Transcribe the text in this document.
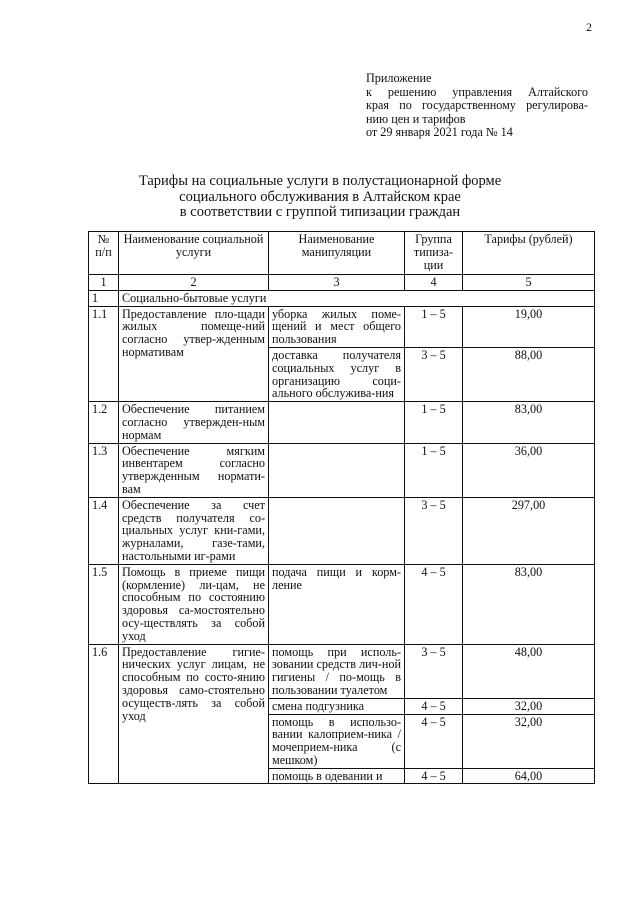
2
Приложение
к решению управления Алтайского
края по государственному регулирова-
нию цен и тарифов
от 29 января 2021 года № 14
Тарифы на социальные услуги в полустационарной форме
социального обслуживания в Алтайском крае
в соответствии с группой типизации граждан
№ п/п	Наименование социальной услуги	Наименование манипуляции	Группа типиза-ции	Тарифы (рублей)
1	2	3	4	5
1	Социально-бытовые услуги			
1.1	Предоставление пло-щади жилых помеще-ний согласно утвер-жденным нормативам	уборка жилых поме-щений и мест общего пользования	1 – 5	19,00
		доставка получателя социальных услуг в организацию соци-ального обслужива-ния	3 – 5	88,00
1.2	Обеспечение питанием согласно утвержден-ным нормам		1 – 5	83,00
1.3	Обеспечение мягким инвентарем согласно утвержденным нормати-вам		1 – 5	36,00
1.4	Обеспечение за счет средств получателя со-циальных услуг кни-гами, журналами, газе-тами, настольными иг-рами		3 – 5	297,00
1.5	Помощь в приеме пищи (кормление) ли-цам, не способным по состоянию здоровья са-мостоятельно осу-ществлять за собой уход	подача пищи и корм-ление	4 – 5	83,00
1.6	Предоставление гигие-нических услуг лицам, не способным по состо-янию здоровья само-стоятельно осуществ-лять за собой уход	помощь при исполь-зовании средств лич-ной гигиены / по-мощь в пользовании туалетом	3 – 5	48,00
		смена подгузника	4 – 5	32,00
		помощь в использо-вании калоприем-ника / мочеприем-ника (с мешком)	4 – 5	32,00
		помощь в одевании и	4 – 5	64,00
